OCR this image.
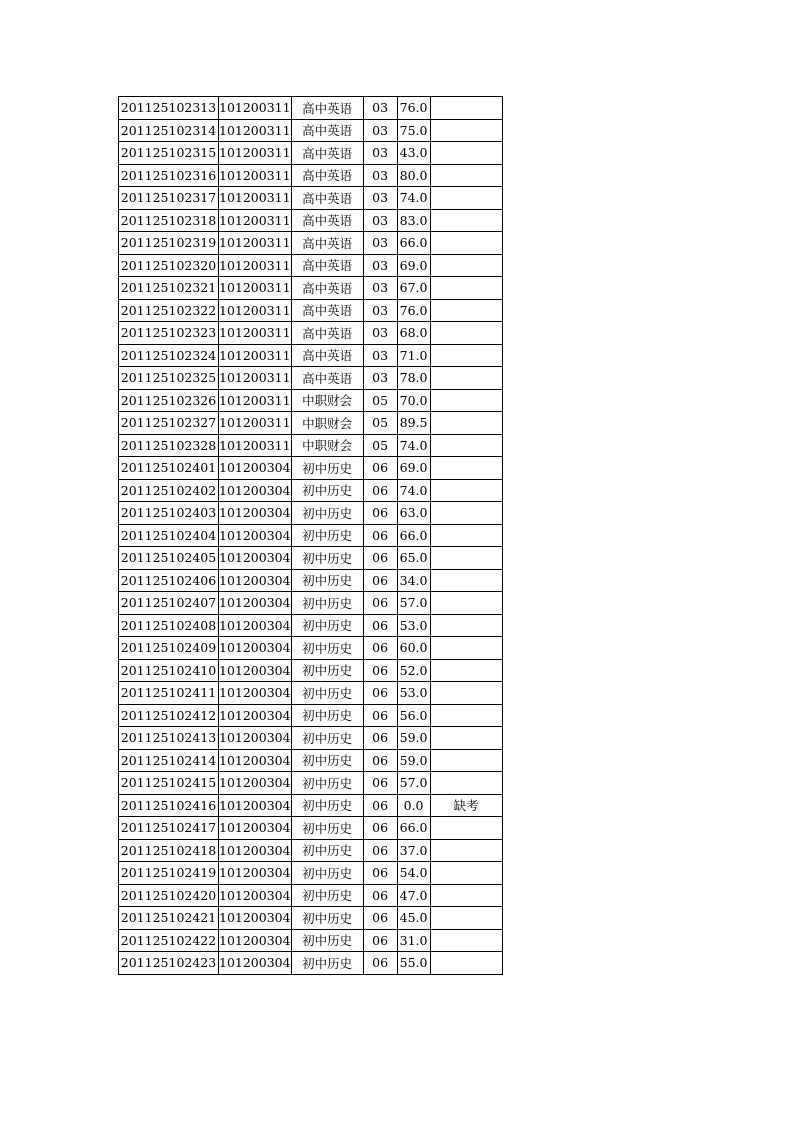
201125102313	101200311	高中英语	03	76.0	
201125102314	101200311	高中英语	03	75.0	
201125102315	101200311	高中英语	03	43.0	
201125102316	101200311	高中英语	03	80.0	
201125102317	101200311	高中英语	03	74.0	
201125102318	101200311	高中英语	03	83.0	
201125102319	101200311	高中英语	03	66.0	
201125102320	101200311	高中英语	03	69.0	
201125102321	101200311	高中英语	03	67.0	
201125102322	101200311	高中英语	03	76.0	
201125102323	101200311	高中英语	03	68.0	
201125102324	101200311	高中英语	03	71.0	
201125102325	101200311	高中英语	03	78.0	
201125102326	101200311	中职财会	05	70.0	
201125102327	101200311	中职财会	05	89.5	
201125102328	101200311	中职财会	05	74.0	
201125102401	101200304	初中历史	06	69.0	
201125102402	101200304	初中历史	06	74.0	
201125102403	101200304	初中历史	06	63.0	
201125102404	101200304	初中历史	06	66.0	
201125102405	101200304	初中历史	06	65.0	
201125102406	101200304	初中历史	06	34.0	
201125102407	101200304	初中历史	06	57.0	
201125102408	101200304	初中历史	06	53.0	
201125102409	101200304	初中历史	06	60.0	
201125102410	101200304	初中历史	06	52.0	
201125102411	101200304	初中历史	06	53.0	
201125102412	101200304	初中历史	06	56.0	
201125102413	101200304	初中历史	06	59.0	
201125102414	101200304	初中历史	06	59.0	
201125102415	101200304	初中历史	06	57.0	
201125102416	101200304	初中历史	06	0.0	缺考
201125102417	101200304	初中历史	06	66.0	
201125102418	101200304	初中历史	06	37.0	
201125102419	101200304	初中历史	06	54.0	
201125102420	101200304	初中历史	06	47.0	
201125102421	101200304	初中历史	06	45.0	
201125102422	101200304	初中历史	06	31.0	
201125102423	101200304	初中历史	06	55.0	
